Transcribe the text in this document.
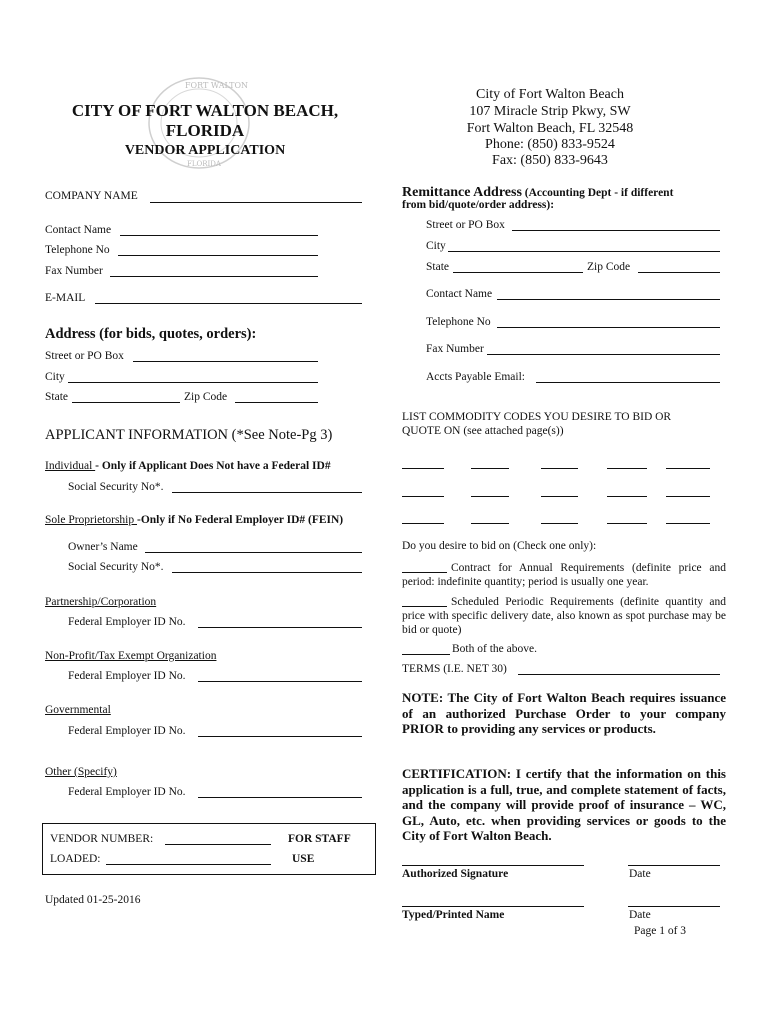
FORT WALTON
FLORIDA
CITY OF FORT WALTON BEACH,
FLORIDA
VENDOR APPLICATION
City of Fort Walton Beach
107 Miracle Strip Pkwy, SW
Fort Walton Beach, FL 32548
Phone: (850) 833-9524
Fax: (850) 833-9643
COMPANY NAME
Contact Name
Telephone No
Fax Number
E-MAIL
Address (for bids, quotes, orders):
Street or PO Box
City
State	Zip Code
APPLICANT INFORMATION (*See Note-Pg 3)
Individual - Only if Applicant Does Not have a Federal ID#
Social Security No*.
Sole Proprietorship -Only if No Federal Employer ID# (FEIN)
Owner’s Name
Social Security No*.
Partnership/Corporation
Federal Employer ID No.
Non-Profit/Tax Exempt Organization
Federal Employer ID No.
Governmental
Federal Employer ID No.
Other (Specify)
Federal Employer ID No.
VENDOR NUMBER:
LOADED:
FOR STAFF
USE
Updated 01-25-2016
Remittance Address (Accounting Dept - if different
from bid/quote/order address):
Street or PO Box
City
State	Zip Code
Contact Name
Telephone No
Fax Number
Accts Payable Email:
LIST COMMODITY CODES YOU DESIRE TO BID OR
QUOTE ON (see attached page(s))
Do you desire to bid on (Check one only):
Contract for Annual Requirements (definite price and period: indefinite quantity; period is usually one year.
Scheduled Periodic Requirements (definite quantity and price with specific delivery date, also known as spot purchase may be bid or quote)
Both of the above.
TERMS (I.E. NET 30)
NOTE: The City of Fort Walton Beach requires issuance of an authorized Purchase Order to your company PRIOR to providing any services or products.
CERTIFICATION: I certify that the information on this application is a full, true, and complete statement of facts, and the company will provide proof of insurance – WC, GL, Auto, etc. when providing services or goods to the City of Fort Walton Beach.
Authorized Signature	Date
Typed/Printed Name	Date
Page 1 of 3
